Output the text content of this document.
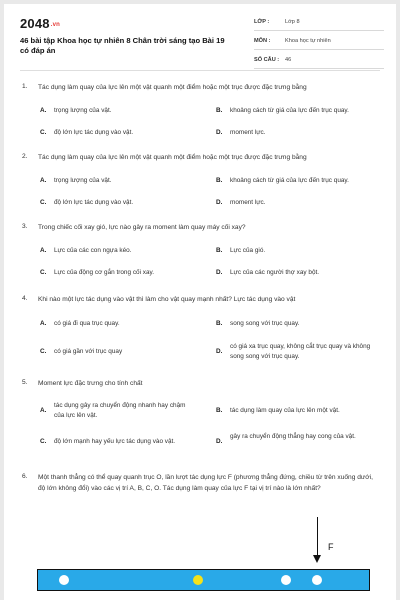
2048.vn
46 bài tập Khoa học tự nhiên 8 Chân trời sáng tạo Bài 19 có đáp án
LỚP :	Lớp 8
MÔN :	Khoa học tự nhiên
SỐ CÂU : 46
1. Tác dụng làm quay của lực lên một vật quanh một điểm hoặc một trục được đặc trưng bằng
A. trọng lượng của vật.	B. khoảng cách từ giá của lực đến trục quay.
C. độ lớn lực tác dụng vào vật.	D. moment lực.
2. Tác dụng làm quay của lực lên một vật quanh một điểm hoặc một trục được đặc trưng bằng
A. trọng lượng của vật.	B. khoảng cách từ giá của lực đến trục quay.
C. độ lớn lực tác dụng vào vật.	D. moment lực.
3. Trong chiếc cối xay gió, lực nào gây ra moment làm quay máy cối xay?
A. Lực của các con ngựa kéo.	B. Lực của gió.
C. Lực của động cơ gắn trong cối xay.	D. Lực của các người thợ xay bột.
4. Khi nào một lực tác dụng vào vật thì làm cho vật quay mạnh nhất? Lực tác dụng vào vật
A. có giá đi qua trục quay.	B. song song với trục quay.
C. có giá gần với trục quay	D.
có giá xa trục quay, không cắt trục quay và không song song với trục quay.
5. Moment lực đặc trưng cho tính chất
A.
tác dụng gây ra chuyển động nhanh hay chậm của lực lên vật.
B. tác dụng làm quay của lực lên một vật.
C. độ lớn mạnh hay yếu lực tác dụng vào vật.	D.
gây ra chuyển động thẳng hay cong của vật.
6. Một thanh thẳng có thể quay quanh trục O, lần lượt tác dụng lực F (phương thẳng đứng, chiều từ trên xuống dưới, độ lớn không đổi) vào các vị trí A, B, C, O. Tác dụng làm quay của lực F tại vị trí nào là lớn nhất?
F
